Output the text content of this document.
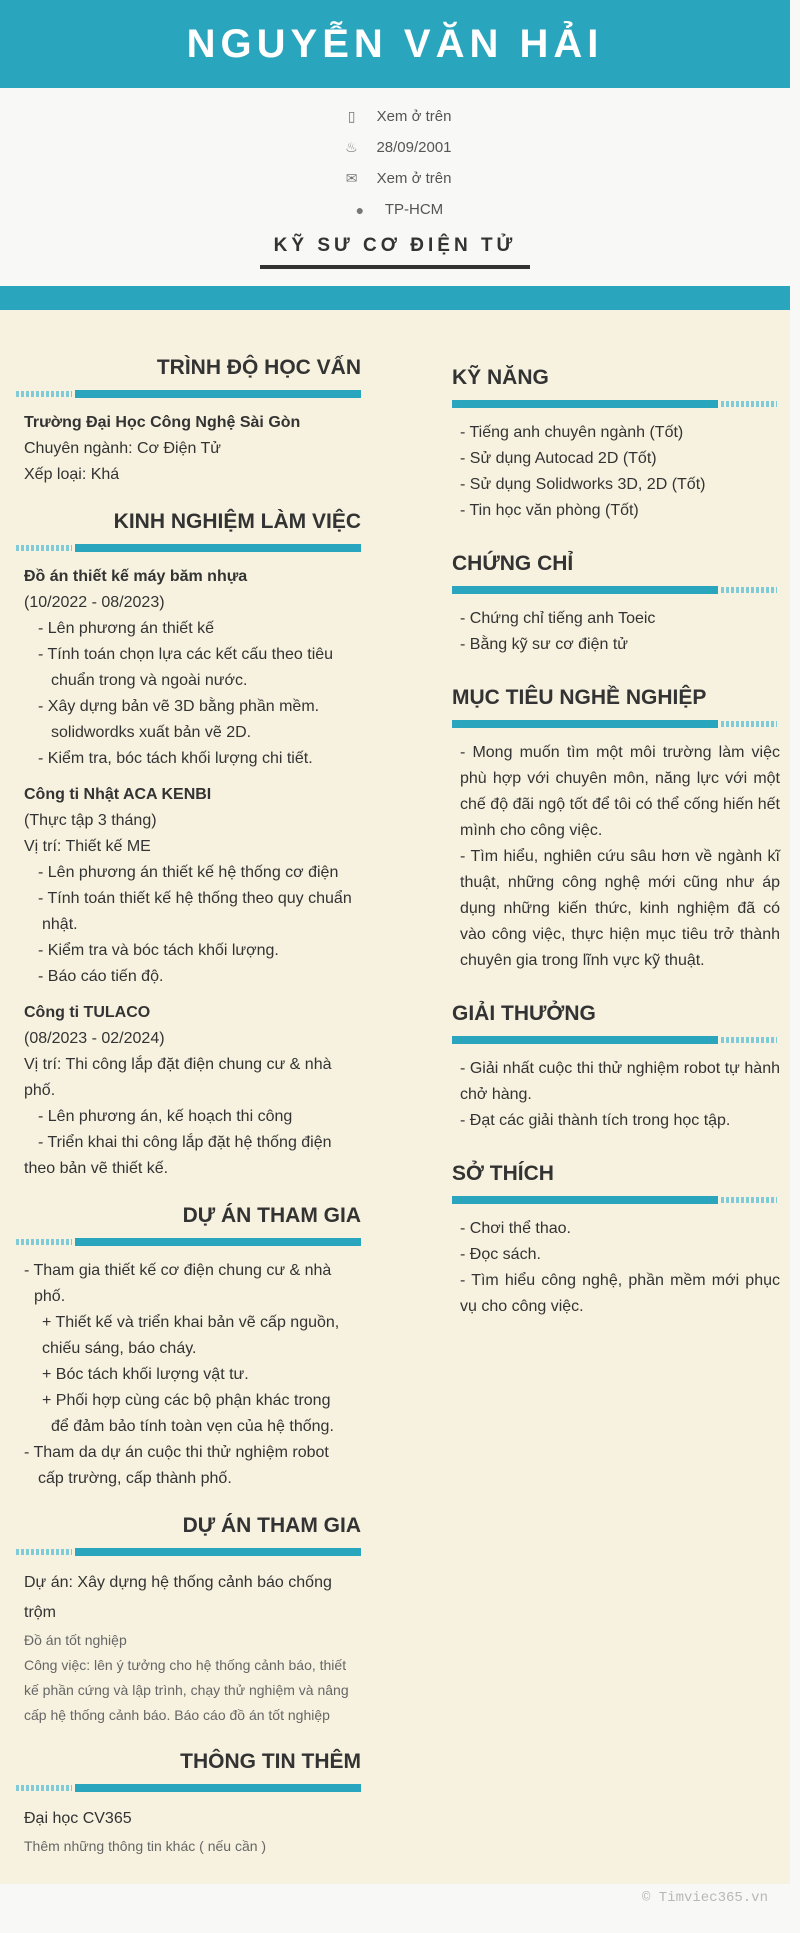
NGUYỄN VĂN HẢI
▯	Xem ở trên
♨	28/09/2001
✉	Xem ở trên
●	TP-HCM
KỸ SƯ CƠ ĐIỆN TỬ
TRÌNH ĐỘ HỌC VẤN
Trường Đại Học Công Nghệ Sài Gòn
Chuyên ngành: Cơ Điện Tử
Xếp loại: Khá
KINH NGHIỆM LÀM VIỆC
Đồ án thiết kế máy băm nhựa
(10/2022 - 08/2023)
- Lên phương án thiết kế
- Tính toán chọn lựa các kết cấu theo tiêu
chuẩn trong và ngoài nước.
- Xây dựng bản vẽ 3D bằng phần mềm.
solidwordks xuất bản vẽ 2D.
- Kiểm tra, bóc tách khối lượng chi tiết.
Công ti Nhật ACA KENBI
(Thực tập 3 tháng)
Vị trí: Thiết kế ME
- Lên phương án thiết kế hệ thống cơ điện
- Tính toán thiết kế hệ thống theo quy chuẩn
nhật.
- Kiểm tra và bóc tách khối lượng.
- Báo cáo tiến độ.
Công ti TULACO
(08/2023 - 02/2024)
Vị trí: Thi công lắp đặt điện chung cư & nhà
phố.
- Lên phương án, kế hoạch thi công
- Triển khai thi công lắp đặt hệ thống điện
theo bản vẽ thiết kế.
DỰ ÁN THAM GIA
- Tham gia thiết kế cơ điện chung cư & nhà
phố.
+ Thiết kế và triển khai bản vẽ cấp nguồn,
chiếu sáng, báo cháy.
+ Bóc tách khối lượng vật tư.
+ Phối hợp cùng các bộ phận khác trong
để đảm bảo tính toàn vẹn của hệ thống.
- Tham da dự án cuộc thi thử nghiệm robot
cấp trường, cấp thành phố.
DỰ ÁN THAM GIA
Dự án: Xây dựng hệ thống cảnh báo chống
trộm
Đồ án tốt nghiệp
Công việc: lên ý tưởng cho hệ thống cảnh báo, thiết
kế phần cứng và lập trình, chạy thử nghiệm và nâng
cấp hệ thống cảnh báo. Báo cáo đồ án tốt nghiệp
THÔNG TIN THÊM
Đại học CV365
Thêm những thông tin khác ( nếu cần )
KỸ NĂNG
- Tiếng anh chuyên ngành (Tốt)
- Sử dụng Autocad 2D (Tốt)
- Sử dụng Solidworks 3D, 2D (Tốt)
- Tin học văn phòng (Tốt)
CHỨNG CHỈ
- Chứng chỉ tiếng anh Toeic
- Bằng kỹ sư cơ điện tử
MỤC TIÊU NGHỀ NGHIỆP
- Mong muốn tìm một môi trường làm việc phù hợp với chuyên môn, năng lực với một chế độ đãi ngộ tốt để tôi có thể cống hiến hết mình cho công việc.
- Tìm hiểu, nghiên cứu sâu hơn về ngành kĩ thuật, những công nghệ mới cũng như áp dụng những kiến thức, kinh nghiệm đã có vào công việc, thực hiện mục tiêu trở thành chuyên gia trong lĩnh vực kỹ thuật.
GIẢI THƯỞNG
- Giải nhất cuộc thi thử nghiệm robot tự hành chở hàng.
- Đạt các giải thành tích trong học tập.
SỞ THÍCH
- Chơi thể thao.
- Đọc sách.
- Tìm hiểu công nghệ, phần mềm mới phục vụ cho công việc.
© Timviec365.vn
